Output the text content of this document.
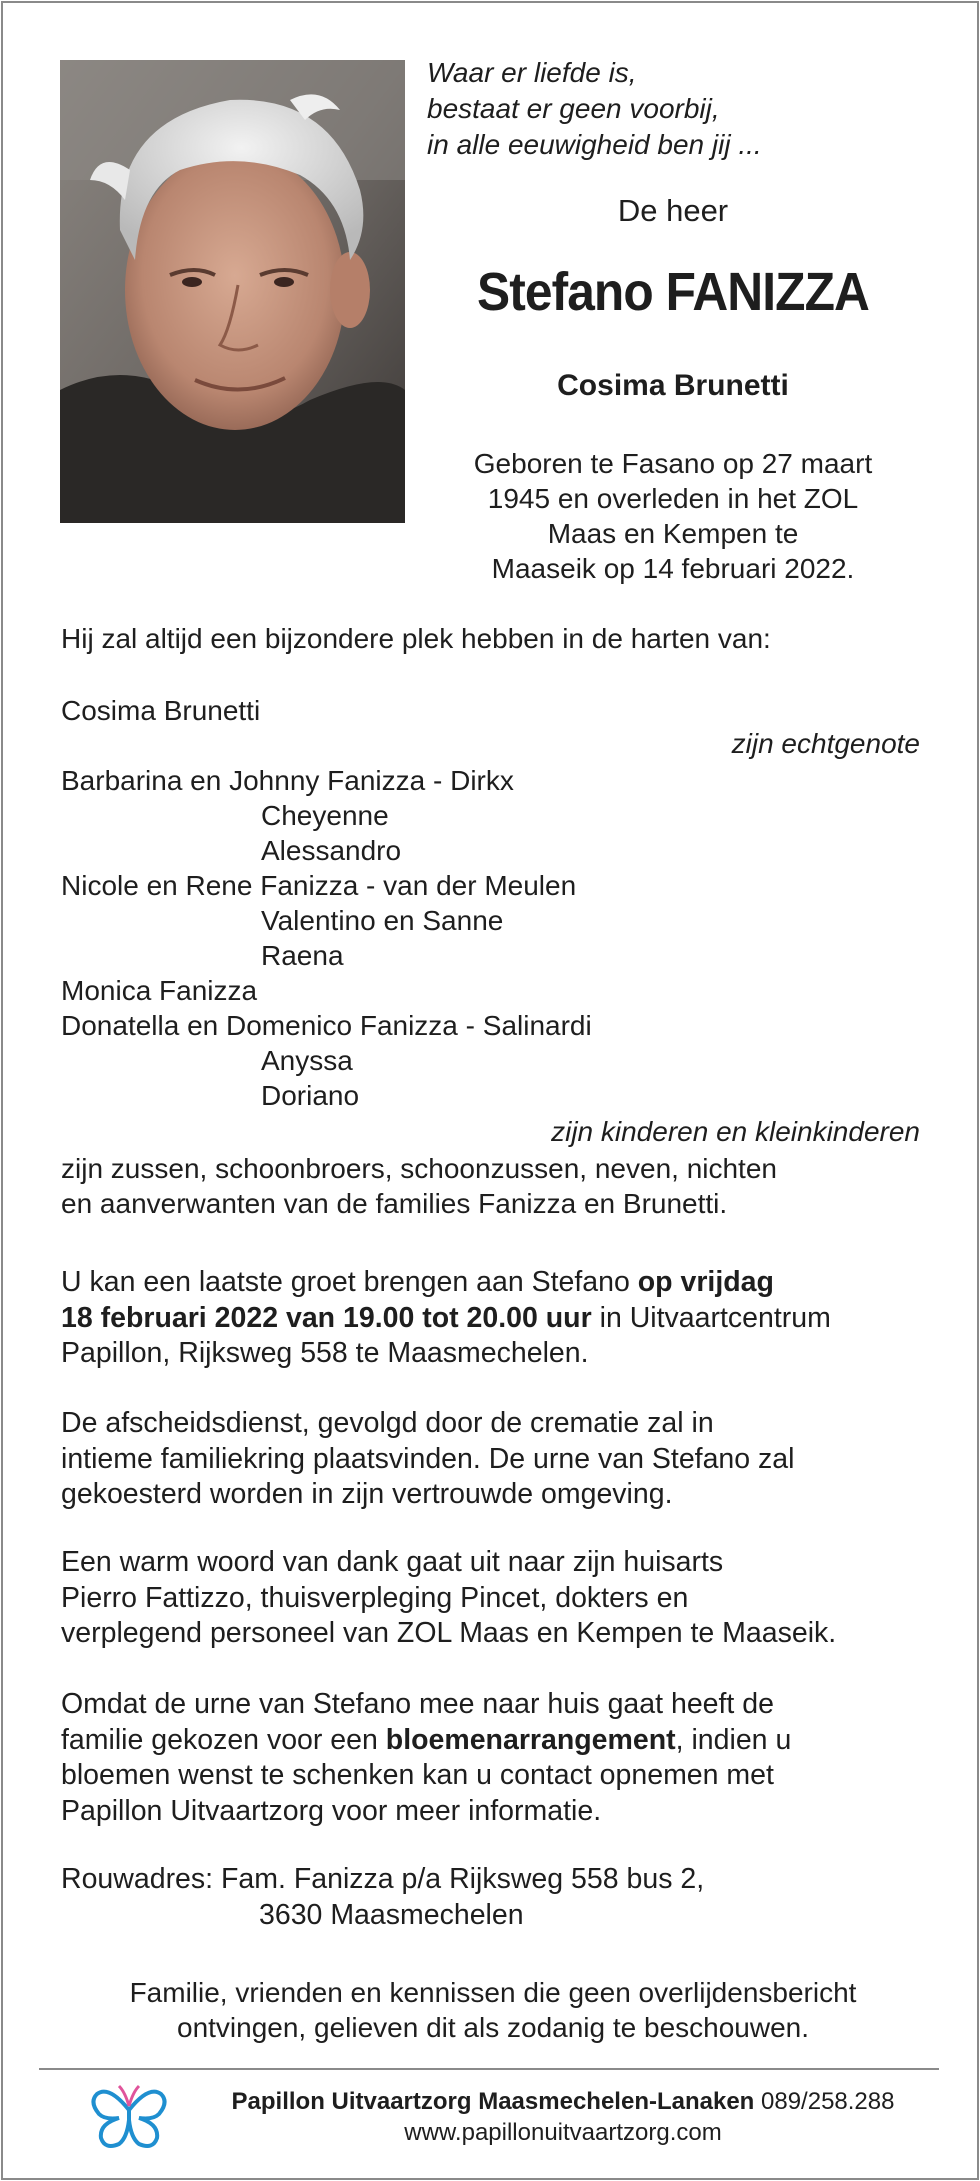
Waar er liefde is,
bestaat er geen voorbij,
in alle eeuwigheid ben jij ...
De heer
Stefano FANIZZA
Cosima Brunetti
Geboren te Fasano op 27 maart
1945 en overleden in het ZOL
Maas en Kempen te
Maaseik op 14 februari 2022.
Hij zal altijd een bijzondere plek hebben in de harten van:
Cosima Brunetti
zijn echtgenote
Barbarina en Johnny Fanizza - Dirkx
Cheyenne
Alessandro
Nicole en Rene Fanizza - van der Meulen
Valentino en Sanne
Raena
Monica Fanizza
Donatella en Domenico Fanizza - Salinardi
Anyssa
Doriano
zijn kinderen en kleinkinderen
zijn zussen, schoonbroers, schoonzussen, neven, nichten
en aanverwanten van de families Fanizza en Brunetti.
U kan een laatste groet brengen aan Stefano op vrijdag
18 februari 2022 van 19.00 tot 20.00 uur in Uitvaartcentrum
Papillon, Rijksweg 558 te Maasmechelen.
De afscheidsdienst, gevolgd door de crematie zal in
intieme familiekring plaatsvinden. De urne van Stefano zal
gekoesterd worden in zijn vertrouwde omgeving.
Een warm woord van dank gaat uit naar zijn huisarts
Pierro Fattizzo, thuisverpleging Pincet, dokters en
verplegend personeel van ZOL Maas en Kempen te Maaseik.
Omdat de urne van Stefano mee naar huis gaat heeft de
familie gekozen voor een bloemenarrangement, indien u
bloemen wenst te schenken kan u contact opnemen met
Papillon Uitvaartzorg voor meer informatie.
Rouwadres: Fam. Fanizza p/a Rijksweg 558 bus 2,
3630 Maasmechelen
Familie, vrienden en kennissen die geen overlijdensbericht
ontvingen, gelieven dit als zodanig te beschouwen.
Papillon Uitvaartzorg Maasmechelen-Lanaken 089/258.288
www.papillonuitvaartzorg.com
